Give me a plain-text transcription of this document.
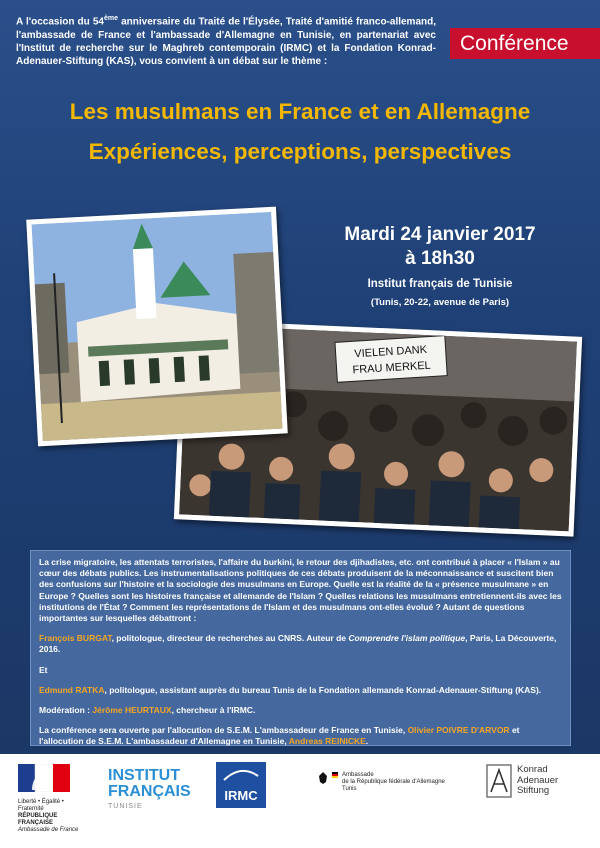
A l'occasion du 54ème anniversaire du Traité de l'Élysée, Traité d'amitié franco-allemand, l'ambassade de France et l'ambassade d'Allemagne en Tunisie, en partenariat avec l'Institut de recherche sur le Maghreb contemporain (IRMC) et la Fondation Konrad-Adenauer-Stiftung (KAS), vous convient à un débat sur le thème :
Conférence
Les musulmans en France et en Allemagne
Expériences, perceptions, perspectives
Mardi 24 janvier 2017
à 18h30
Institut français de Tunisie
(Tunis, 20-22, avenue de Paris)
VIELEN DANK
FRAU MERKEL

La crise migratoire, les attentats terroristes, l'affaire du burkini, le retour des djihadistes, etc. ont contribué à placer « l'Islam » au cœur des débats publics. Les instrumentalisations politiques de ces débats produisent de la méconnaissance et suscitent bien des confusions sur l'histoire et la sociologie des musulmans en Europe. Quelle est la réalité de la « présence musulmane » en Europe ? Quelles sont les histoires française et allemande de l'Islam ? Quelles relations les musulmans entretiennent-ils avec les institutions de l'État ? Comment les représentations de l'Islam et des musulmans ont-elles évolué ? Autant de questions importantes sur lesquelles débattront :

François BURGAT, politologue, directeur de recherches au CNRS. Auteur de Comprendre l'islam politique, Paris, La Découverte, 2016.

Et

Edmund RATKA, politologue, assistant auprès du bureau Tunis de la Fondation allemande Konrad-Adenauer-Stiftung (KAS).

Modération : Jérôme HEURTAUX, chercheur à l'IRMC.

La conférence sera ouverte par l'allocution de S.E.M. L'ambassadeur de France en Tunisie, Olivier POIVRE D'ARVOR et l'allocution de S.E.M. L'ambassadeur d'Allemagne en Tunisie, Andreas REINICKE.

Liberté • Égalité • Fraternité
RÉPUBLIQUE FRANÇAISE
Ambassade de France
INSTITUT
FRANÇAIS
TUNISIE
IRMC
Ambassade
de la République fédérale d'Allemagne
Tunis
Konrad
Adenauer
Stiftung
